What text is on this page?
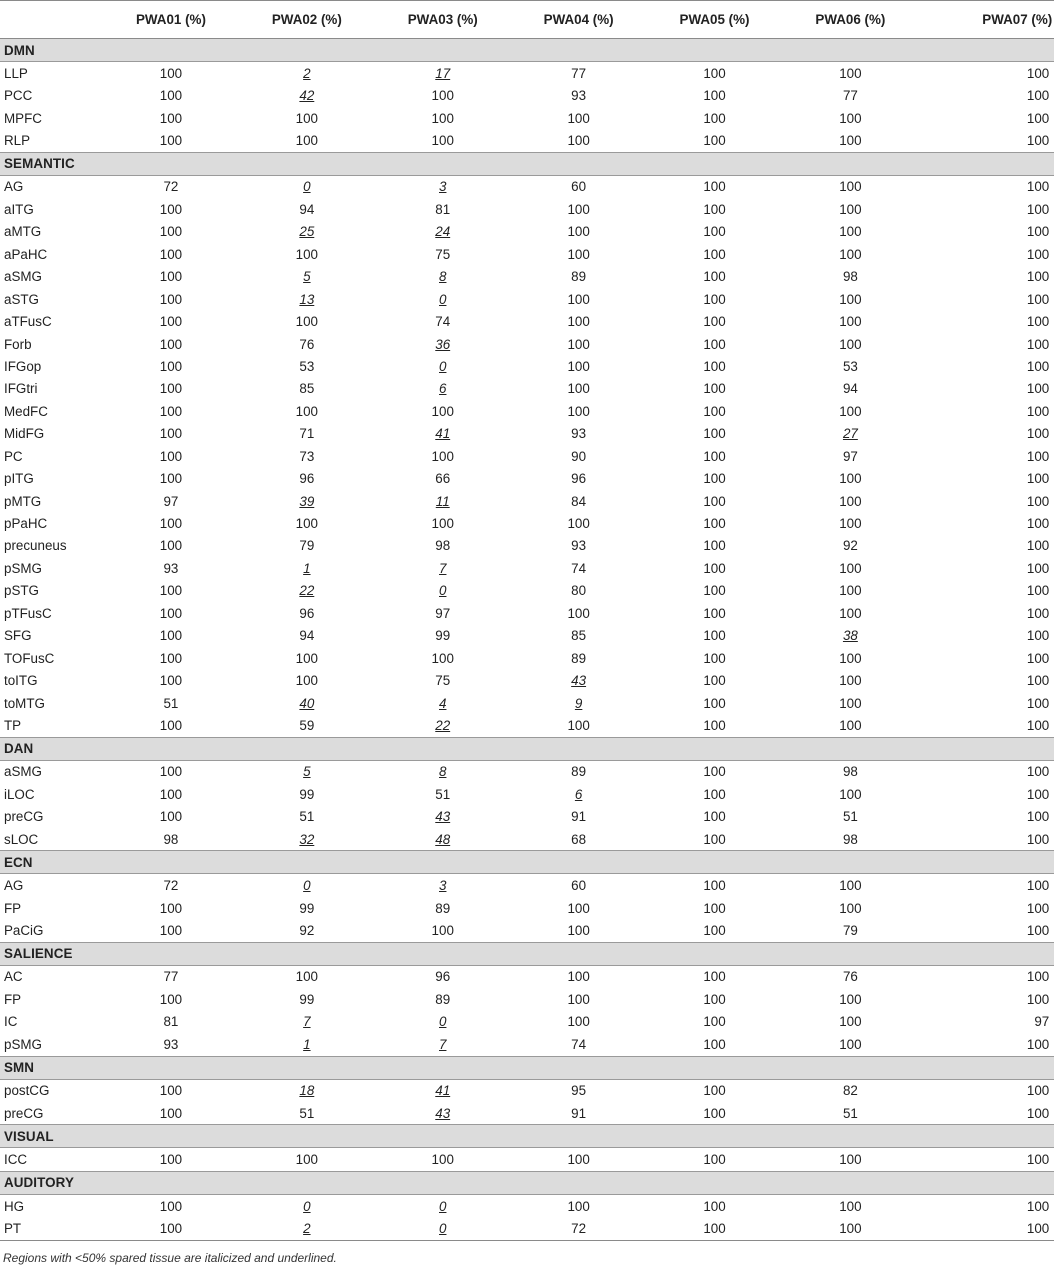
	PWA01 (%)	PWA02 (%)	PWA03 (%)	PWA04 (%)	PWA05 (%)	PWA06 (%)	PWA07 (%)
DMN							
LLP	100	2	17	77	100	100	100
PCC	100	42	100	93	100	77	100
MPFC	100	100	100	100	100	100	100
RLP	100	100	100	100	100	100	100
SEMANTIC							
AG	72	0	3	60	100	100	100
aITG	100	94	81	100	100	100	100
aMTG	100	25	24	100	100	100	100
aPaHC	100	100	75	100	100	100	100
aSMG	100	5	8	89	100	98	100
aSTG	100	13	0	100	100	100	100
aTFusC	100	100	74	100	100	100	100
Forb	100	76	36	100	100	100	100
IFGop	100	53	0	100	100	53	100
IFGtri	100	85	6	100	100	94	100
MedFC	100	100	100	100	100	100	100
MidFG	100	71	41	93	100	27	100
PC	100	73	100	90	100	97	100
pITG	100	96	66	96	100	100	100
pMTG	97	39	11	84	100	100	100
pPaHC	100	100	100	100	100	100	100
precuneus	100	79	98	93	100	92	100
pSMG	93	1	7	74	100	100	100
pSTG	100	22	0	80	100	100	100
pTFusC	100	96	97	100	100	100	100
SFG	100	94	99	85	100	38	100
TOFusC	100	100	100	89	100	100	100
toITG	100	100	75	43	100	100	100
toMTG	51	40	4	9	100	100	100
TP	100	59	22	100	100	100	100
DAN							
aSMG	100	5	8	89	100	98	100
iLOC	100	99	51	6	100	100	100
preCG	100	51	43	91	100	51	100
sLOC	98	32	48	68	100	98	100
ECN							
AG	72	0	3	60	100	100	100
FP	100	99	89	100	100	100	100
PaCiG	100	92	100	100	100	79	100
SALIENCE							
AC	77	100	96	100	100	76	100
FP	100	99	89	100	100	100	100
IC	81	7	0	100	100	100	97
pSMG	93	1	7	74	100	100	100
SMN							
postCG	100	18	41	95	100	82	100
preCG	100	51	43	91	100	51	100
VISUAL							
ICC	100	100	100	100	100	100	100
AUDITORY							
HG	100	0	0	100	100	100	100
PT	100	2	0	72	100	100	100
Regions with <50% spared tissue are italicized and underlined.
